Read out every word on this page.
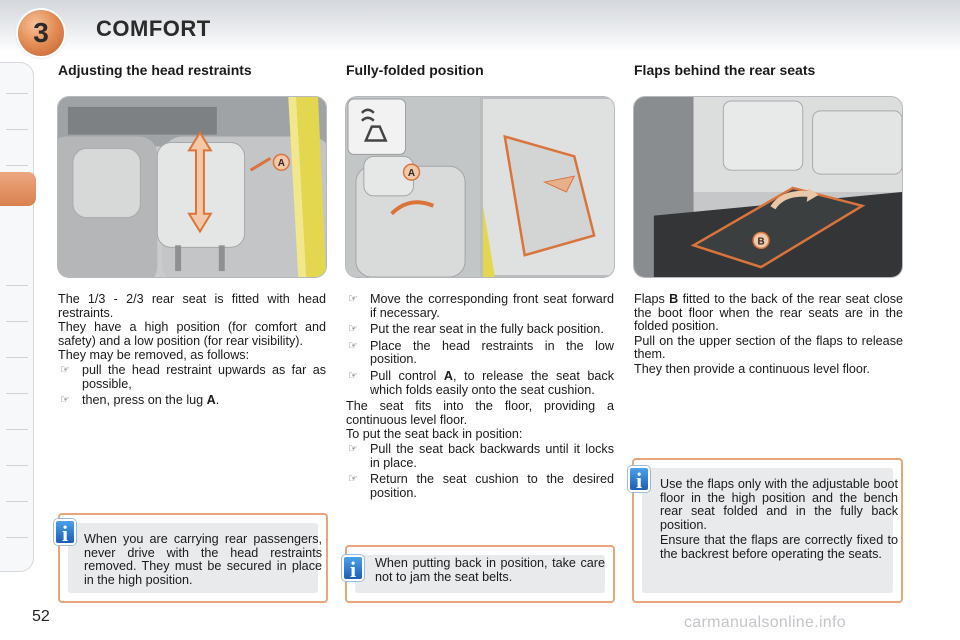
3	COMFORT
Adjusting the head restraints	Fully-folded position	Flaps behind the rear seats
A
A
B

The 1/3 - 2/3 rear seat is fitted with head restraints.

They have a high position (for comfort and safety) and a low position (for rear visibility).

They may be removed, as follows:

☞ pull the head restraint upwards as far as possible,
☞ then, press on the lug A.
☞ Move the corresponding front seat forward if necessary.
☞ Put the rear seat in the fully back position.
☞ Place the head restraints in the low position.
☞ Pull control A, to release the seat back which folds easily onto the seat cushion.

The seat fits into the floor, providing a continuous level floor.

To put the seat back in position:

☞ Pull the seat back backwards until it locks in place.
☞ Return the seat cushion to the desired position.

Flaps B fitted to the back of the rear seat close the boot floor when the rear seats are in the folded position.

Pull on the upper section of the flaps to release them.

They then provide a continuous level floor.

When you are carrying rear passengers, never drive with the head restraints removed. They must be secured in place in the high position.
i
When putting back in position, take care not to jam the seat belts.
i

Use the flaps only with the adjustable boot floor in the high position and the bench rear seat folded and in the fully back position.

Ensure that the flaps are correctly fixed to the backrest before operating the seats.

i
52	carmanualsonline.info
